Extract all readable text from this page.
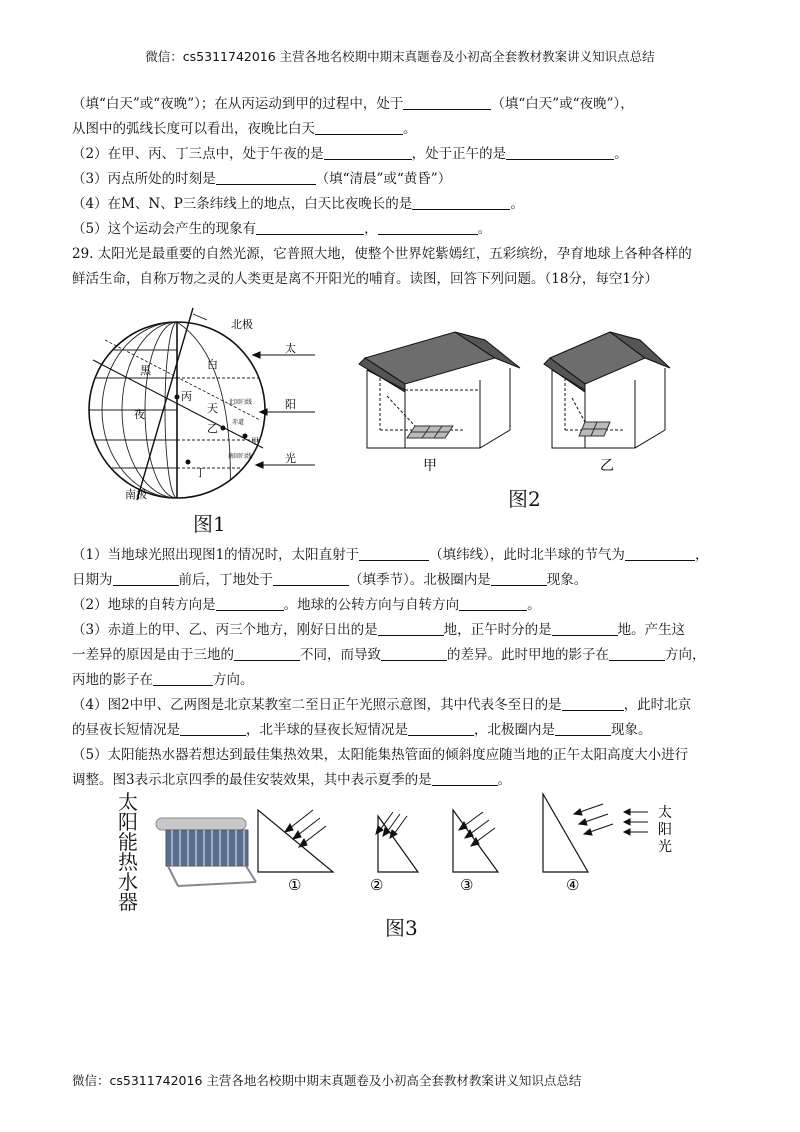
微信：cs5311742016 主营各地名校期中期末真题卷及小初高全套教材教案讲义知识点总结
（填“白天”或“夜晚”）；在从丙运动到甲的过程中，处于	（填“白天”或“夜晚”），
从图中的弧线长度可以看出，夜晚比白天	。
（2）在甲、丙、丁三点中，处于午夜的是	，处于正午的是	。
（3）丙点所处的时刻是	（填“清晨”或“黄昏”）
（4）在M、N、P三条纬线上的地点，白天比夜晚长的是	。
（5）这个运动会产生的现象有	，	。
29. 太阳光是最重要的自然光源，它普照大地，使整个世界姹紫嫣红，五彩缤纷，孕育地球上各种各样的
鲜活生命，自称万物之灵的人类更是离不开阳光的哺育。读图，回答下列问题。（18分，每空1分）
北极
南极
太
阳
光
白
天
黑
夜
丙
乙
丁
甲
赤道
北回归线
南回归线
图1
甲	乙
图2
（1）当地球光照出现图1的情况时，太阳直射于	（填纬线），此时北半球的节气为	，
日期为	前后，丁地处于	（填季节）。北极圈内是	现象。
（2）地球的自转方向是	。地球的公转方向与自转方向	。
（3）赤道上的甲、乙、丙三个地方，刚好日出的是	地，正午时分的是	地。产生这
一差异的原因是由于三地的	不同，而导致	的差异。此时甲地的影子在	方向，
丙地的影子在	方向。
（4）图2中甲、乙两图是北京某教室二至日正午光照示意图，其中代表冬至日的是	，此时北京
的昼夜长短情况是	，北半球的昼夜长短情况是	，北极圈内是	现象。
（5）太阳能热水器若想达到最佳集热效果，太阳能集热管面的倾斜度应随当地的正午太阳高度大小进行
调整。图3表示北京四季的最佳安装效果，其中表示夏季的是	。
太
阳
能
热
水
器
①	②	③	④
太
阳
光
图3
微信：cs5311742016 主营各地名校期中期末真题卷及小初高全套教材教案讲义知识点总结
